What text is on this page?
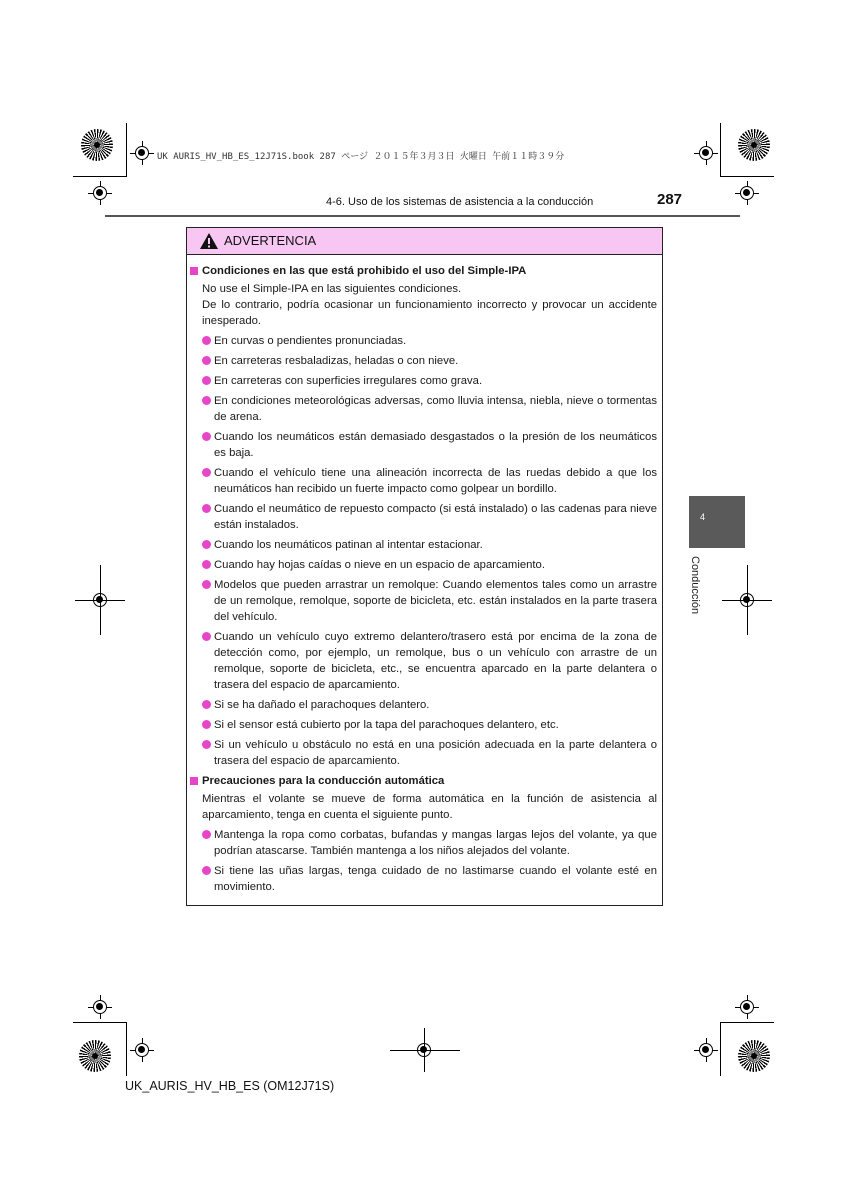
UK AURIS_HV_HB_ES_12J71S.book 287 ページ ２０１５年３月３日 火曜日 午前１１時３９分
4-6. Uso de los sistemas de asistencia a la conducción	287
4
Conducción
ADVERTENCIA
Condiciones en las que está prohibido el uso del Simple-IPA
No use el Simple-IPA en las siguientes condiciones.
De lo contrario, podría ocasionar un funcionamiento incorrecto y provocar un accidente inesperado.
En curvas o pendientes pronunciadas.
En carreteras resbaladizas, heladas o con nieve.
En carreteras con superficies irregulares como grava.
En condiciones meteorológicas adversas, como lluvia intensa, niebla, nieve o tormentas de arena.
Cuando los neumáticos están demasiado desgastados o la presión de los neumáticos es baja.
Cuando el vehículo tiene una alineación incorrecta de las ruedas debido a que los neumáticos han recibido un fuerte impacto como golpear un bordillo.
Cuando el neumático de repuesto compacto (si está instalado) o las cadenas para nieve están instalados.
Cuando los neumáticos patinan al intentar estacionar.
Cuando hay hojas caídas o nieve en un espacio de aparcamiento.
Modelos que pueden arrastrar un remolque: Cuando elementos tales como un arrastre de un remolque, remolque, soporte de bicicleta, etc. están instalados en la parte trasera del vehículo.
Cuando un vehículo cuyo extremo delantero/trasero está por encima de la zona de detección como, por ejemplo, un remolque, bus o un vehículo con arrastre de un remolque, soporte de bicicleta, etc., se encuentra aparcado en la parte delantera o trasera del espacio de aparcamiento.
Si se ha dañado el parachoques delantero.
Si el sensor está cubierto por la tapa del parachoques delantero, etc.
Si un vehículo u obstáculo no está en una posición adecuada en la parte delantera o trasera del espacio de aparcamiento.
Precauciones para la conducción automática
Mientras el volante se mueve de forma automática en la función de asistencia al aparcamiento, tenga en cuenta el siguiente punto.
Mantenga la ropa como corbatas, bufandas y mangas largas lejos del volante, ya que podrían atascarse. También mantenga a los niños alejados del volante.
Si tiene las uñas largas, tenga cuidado de no lastimarse cuando el volante esté en movimiento.
UK_AURIS_HV_HB_ES (OM12J71S)
